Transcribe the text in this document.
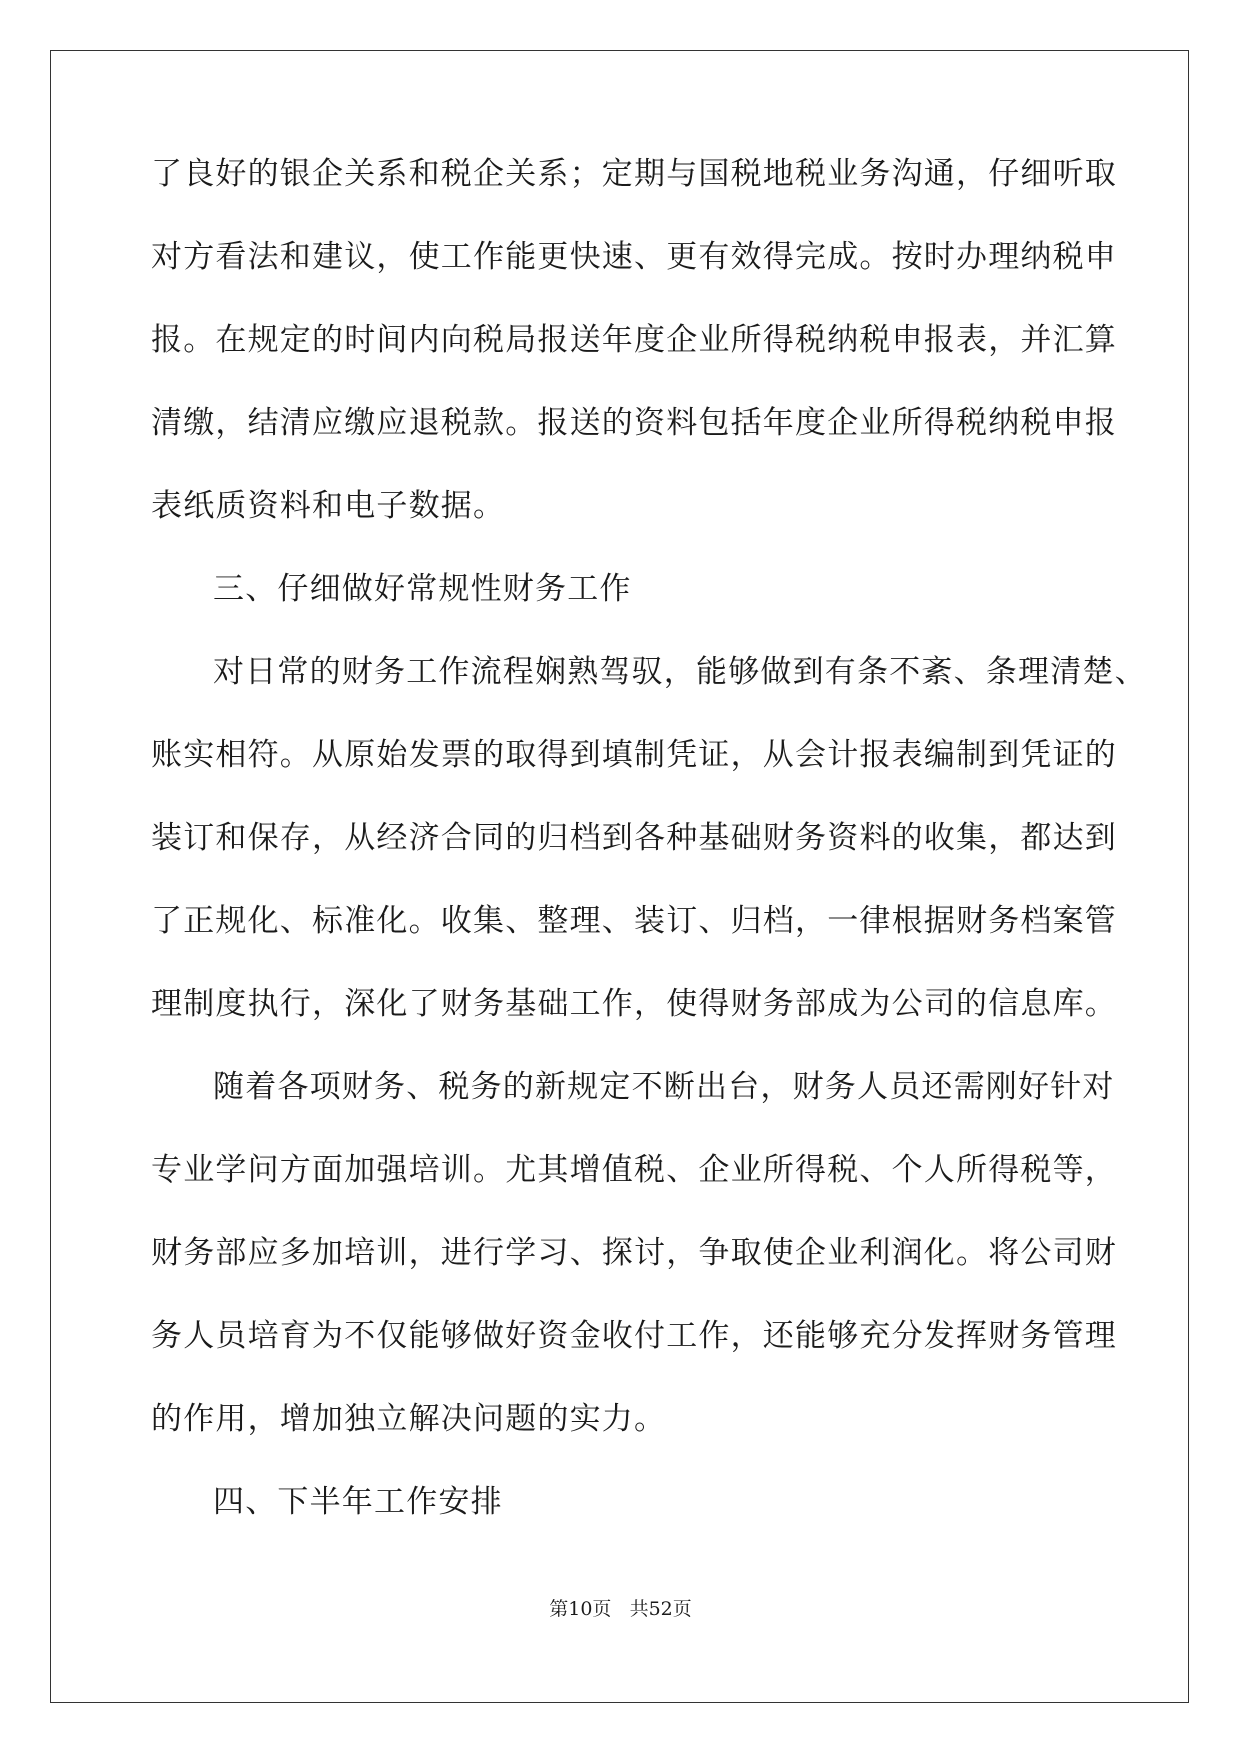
了良好的银企关系和税企关系；定期与国税地税业务沟通，仔细听取
对方看法和建议，使工作能更快速、更有效得完成。按时办理纳税申
报。在规定的时间内向税局报送年度企业所得税纳税申报表，并汇算
清缴，结清应缴应退税款。报送的资料包括年度企业所得税纳税申报
表纸质资料和电子数据。
三、仔细做好常规性财务工作
对日常的财务工作流程娴熟驾驭，能够做到有条不紊、条理清楚、
账实相符。从原始发票的取得到填制凭证，从会计报表编制到凭证的
装订和保存，从经济合同的归档到各种基础财务资料的收集，都达到
了正规化、标准化。收集、整理、装订、归档，一律根据财务档案管
理制度执行，深化了财务基础工作，使得财务部成为公司的信息库。
随着各项财务、税务的新规定不断出台，财务人员还需刚好针对
专业学问方面加强培训。尤其增值税、企业所得税、个人所得税等，
财务部应多加培训，进行学习、探讨，争取使企业利润化。将公司财
务人员培育为不仅能够做好资金收付工作，还能够充分发挥财务管理
的作用，增加独立解决问题的实力。
四、下半年工作安排
第10页 共52页
